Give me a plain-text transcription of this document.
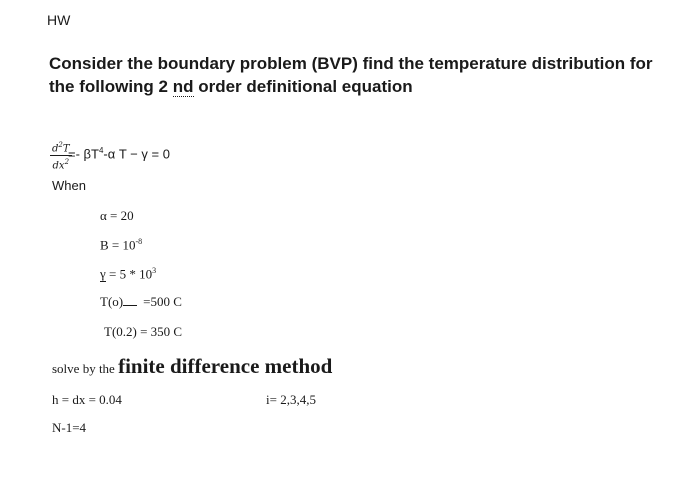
HW
Consider the boundary problem (BVP) find the temperature distribution for the following 2 nd order definitional equation
$\frac{d^2T}{dx^2}$
=- $\beta T^4-\alpha$ T − γ = 0
When
α = 20
$B = 10^{-8}$
$\gamma = 5 * 10^3$
T(o) =500 C
T(0.2) = 350 C
solve by the finite difference method
h = dx = 0.04	i= 2,3,4,5
N-1=4
